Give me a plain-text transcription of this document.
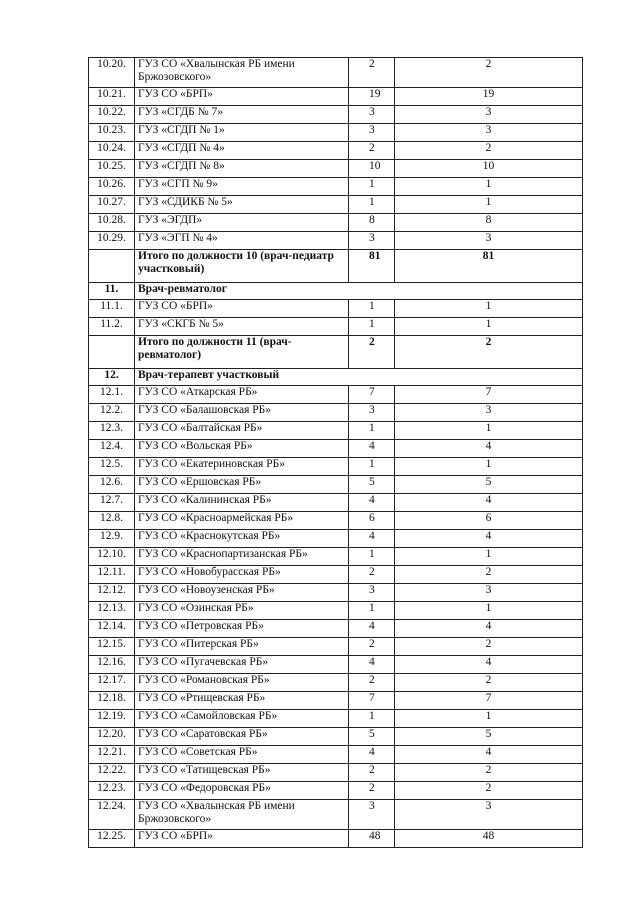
10.20.	ГУЗ СО «Хвалынская РБ имени Бржозовского»	2	2
10.21.	ГУЗ СО «БРП»	19	19
10.22.	ГУЗ «СГДБ № 7»	3	3
10.23.	ГУЗ «СГДП № 1»	3	3
10.24.	ГУЗ «СГДП № 4»	2	2
10.25.	ГУЗ «СГДП № 8»	10	10
10.26.	ГУЗ «СГП № 9»	1	1
10.27.	ГУЗ «СДИКБ № 5»	1	1
10.28.	ГУЗ «ЭГДП»	8	8
10.29.	ГУЗ «ЭГП № 4»	3	3
	Итого по должности 10 (врач-педиатр участковый)	81	81
11.	Врач-ревматолог		
11.1.	ГУЗ СО «БРП»	1	1
11.2.	ГУЗ «СКГБ № 5»	1	1
	Итого по должности 11 (врач-ревматолог)	2	2
12.	Врач-терапевт участковый		
12.1.	ГУЗ СО «Аткарская РБ»	7	7
12.2.	ГУЗ СО «Балашовская РБ»	3	3
12.3.	ГУЗ СО «Балтайская РБ»	1	1
12.4.	ГУЗ СО «Вольская РБ»	4	4
12.5.	ГУЗ СО «Екатериновская РБ»	1	1
12.6.	ГУЗ СО «Ершовская РБ»	5	5
12.7.	ГУЗ СО «Калининская РБ»	4	4
12.8.	ГУЗ СО «Красноармейская РБ»	6	6
12.9.	ГУЗ СО «Краснокутская РБ»	4	4
12.10.	ГУЗ СО «Краснопартизанская РБ»	1	1
12.11.	ГУЗ СО «Новобурасская РБ»	2	2
12.12.	ГУЗ СО «Новоузенская РБ»	3	3
12.13.	ГУЗ СО «Озинская РБ»	1	1
12.14.	ГУЗ СО «Петровская РБ»	4	4
12.15.	ГУЗ СО «Питерская РБ»	2	2
12.16.	ГУЗ СО «Пугачевская РБ»	4	4
12.17.	ГУЗ СО «Романовская РБ»	2	2
12.18.	ГУЗ СО «Ртищевская РБ»	7	7
12.19.	ГУЗ СО «Самойловская РБ»	1	1
12.20.	ГУЗ СО «Саратовская РБ»	5	5
12.21.	ГУЗ СО «Советская РБ»	4	4
12.22.	ГУЗ СО «Татищевская РБ»	2	2
12.23.	ГУЗ СО «Федоровская РБ»	2	2
12.24.	ГУЗ СО «Хвалынская РБ имени Бржозовского»	3	3
12.25.	ГУЗ СО «БРП»	48	48
